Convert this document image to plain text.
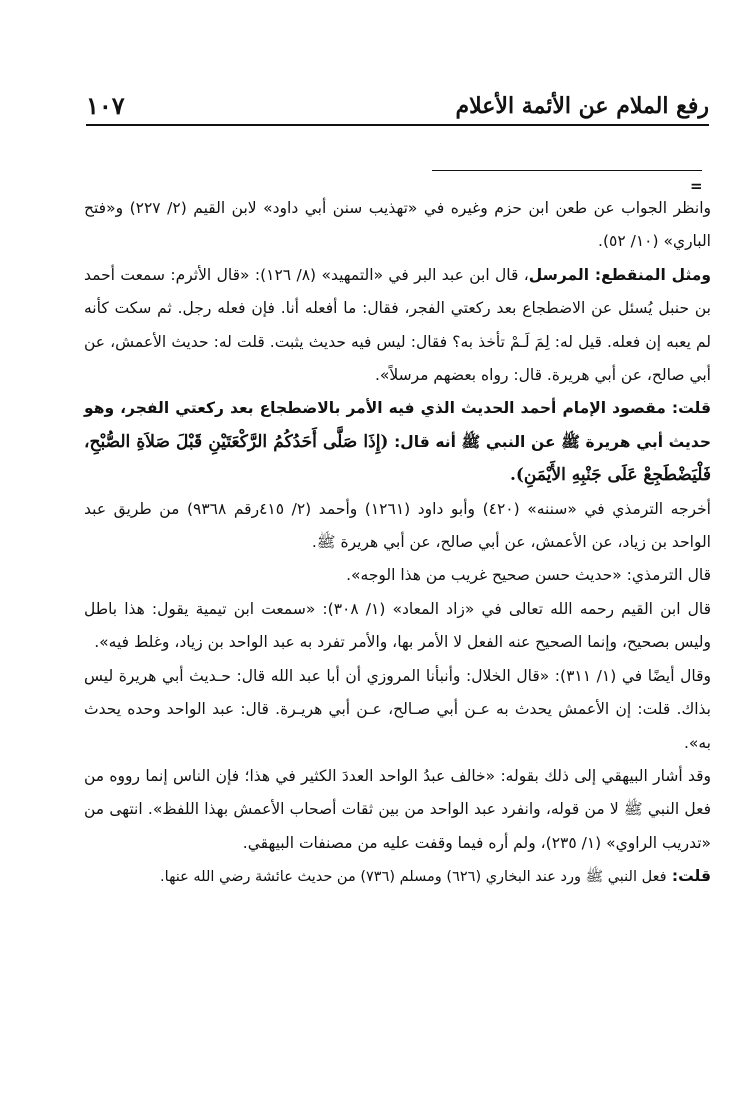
رفع الملام عن الأئمة الأعلام
١٠٧
=

وانظر الجواب عن طعن ابن حزم وغيره في «تهذيب سنن أبي داود» لابن القيم (٢/ ٢٢٧) و«فتح الباري» (١٠/ ٥٢).

ومثل المنقطع: المرسل، قال ابن عبد البر في «التمهيد» (٨/ ١٢٦): «قال الأثرم: سمعت أحمد بن حنبل يُسئل عن الاضطجاع بعد ركعتي الفجر، فقال: ما أفعله أنا. فإن فعله رجل. ثم سكت كأنه لم يعبه إن فعله. قيل له: لِمَ لَـمْ تأخذ به؟ فقال: ليس فيه حديث يثبت. قلت له: حديث الأعمش، عن أبي صالح، عن أبي هريرة. قال: رواه بعضهم مرسلاً».

قلت: مقصود الإمام أحمد الحديث الذي فيه الأمر بالاضطجاع بعد ركعتي الفجر، وهو حديث أبي هريرة ﷺ عن النبي ﷺ أنه قال: (إِذَا صَلَّى أَحَدُكُمُ الرَّكْعَتَيْنِ قَبْلَ صَلاَةِ الصُّبْحِ، فَلْيَضْطَجِعْ عَلَى جَنْبِهِ الأَيْمَنِ).

أخرجه الترمذي في «سننه» (٤٢٠) وأبو داود (١٢٦١) وأحمد (٢/ ٤١٥رقم ٩٣٦٨) من طريق عبد الواحد بن زياد، عن الأعمش، عن أبي صالح، عن أبي هريرة ﷺ.

قال الترمذي: «حديث حسن صحيح غريب من هذا الوجه».

قال ابن القيم رحمه الله تعالى في «زاد المعاد» (١/ ٣٠٨): «سمعت ابن تيمية يقول: هذا باطل وليس بصحيح، وإنما الصحيح عنه الفعل لا الأمر بها، والأمر تفرد به عبد الواحد بن زياد، وغلط فيه».

وقال أيضًا في (١/ ٣١١): «قال الخلال: وأنبأنا المروزي أن أبا عبد الله قال: حـديث أبي هريرة ليس بذاك. قلت: إن الأعمش يحدث به عـن أبي صـالح، عـن أبي هريـرة. قال: عبد الواحد وحده يحدث به».

وقد أشار البيهقي إلى ذلك بقوله: «خالف عبدُ الواحد العددَ الكثير في هذا؛ فإن الناس إنما رووه من فعل النبي ﷺ لا من قوله، وانفرد عبد الواحد من بين ثقات أصحاب الأعمش بهذا اللفظ». انتهى من «تدريب الراوي» (١/ ٢٣٥)، ولم أره فيما وقفت عليه من مصنفات البيهقي.

قلت: فعل النبي ﷺ ورد عند البخاري (٦٢٦) ومسلم (٧٣٦) من حديث عائشة رضي الله عنها.
